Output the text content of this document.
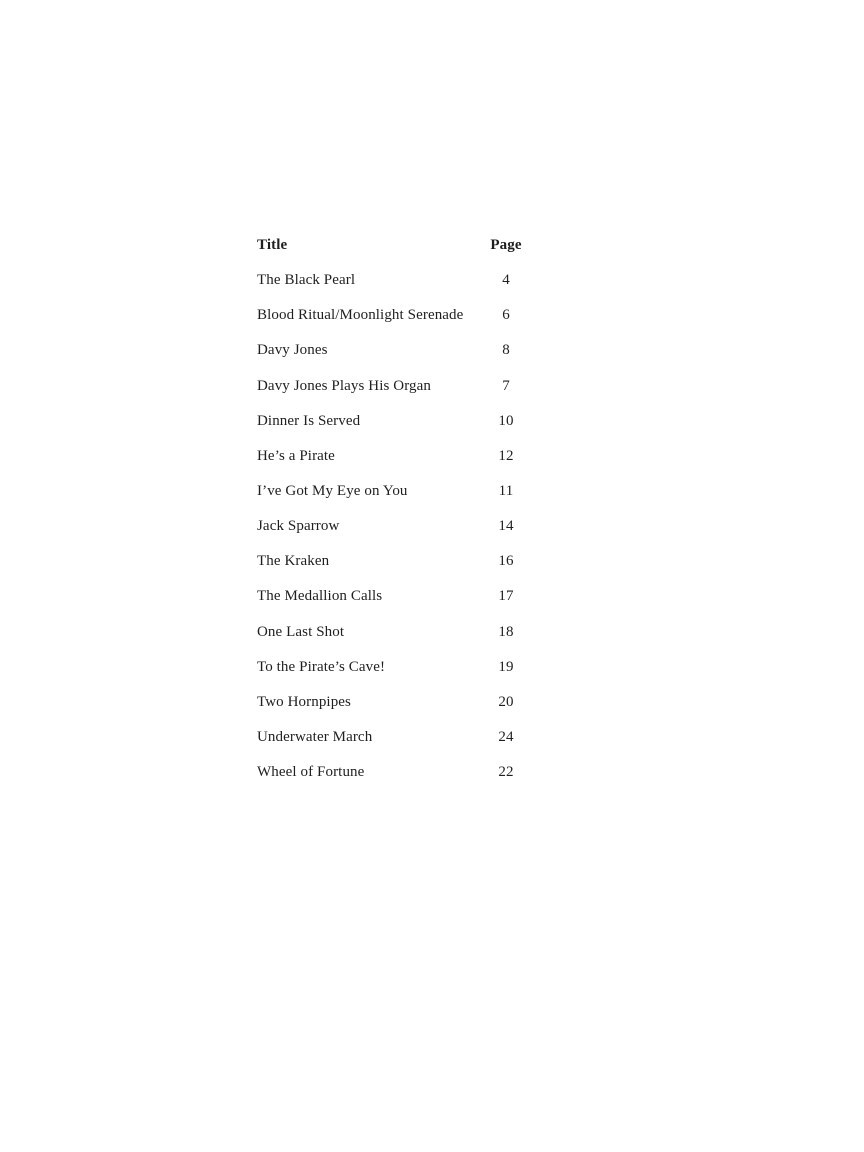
Title	Page
The Black Pearl	4
Blood Ritual/Moonlight Serenade	6
Davy Jones	8
Davy Jones Plays His Organ	7
Dinner Is Served	10
He’s a Pirate	12
I’ve Got My Eye on You	11
Jack Sparrow	14
The Kraken	16
The Medallion Calls	17
One Last Shot	18
To the Pirate’s Cave!	19
Two Hornpipes	20
Underwater March	24
Wheel of Fortune	22
